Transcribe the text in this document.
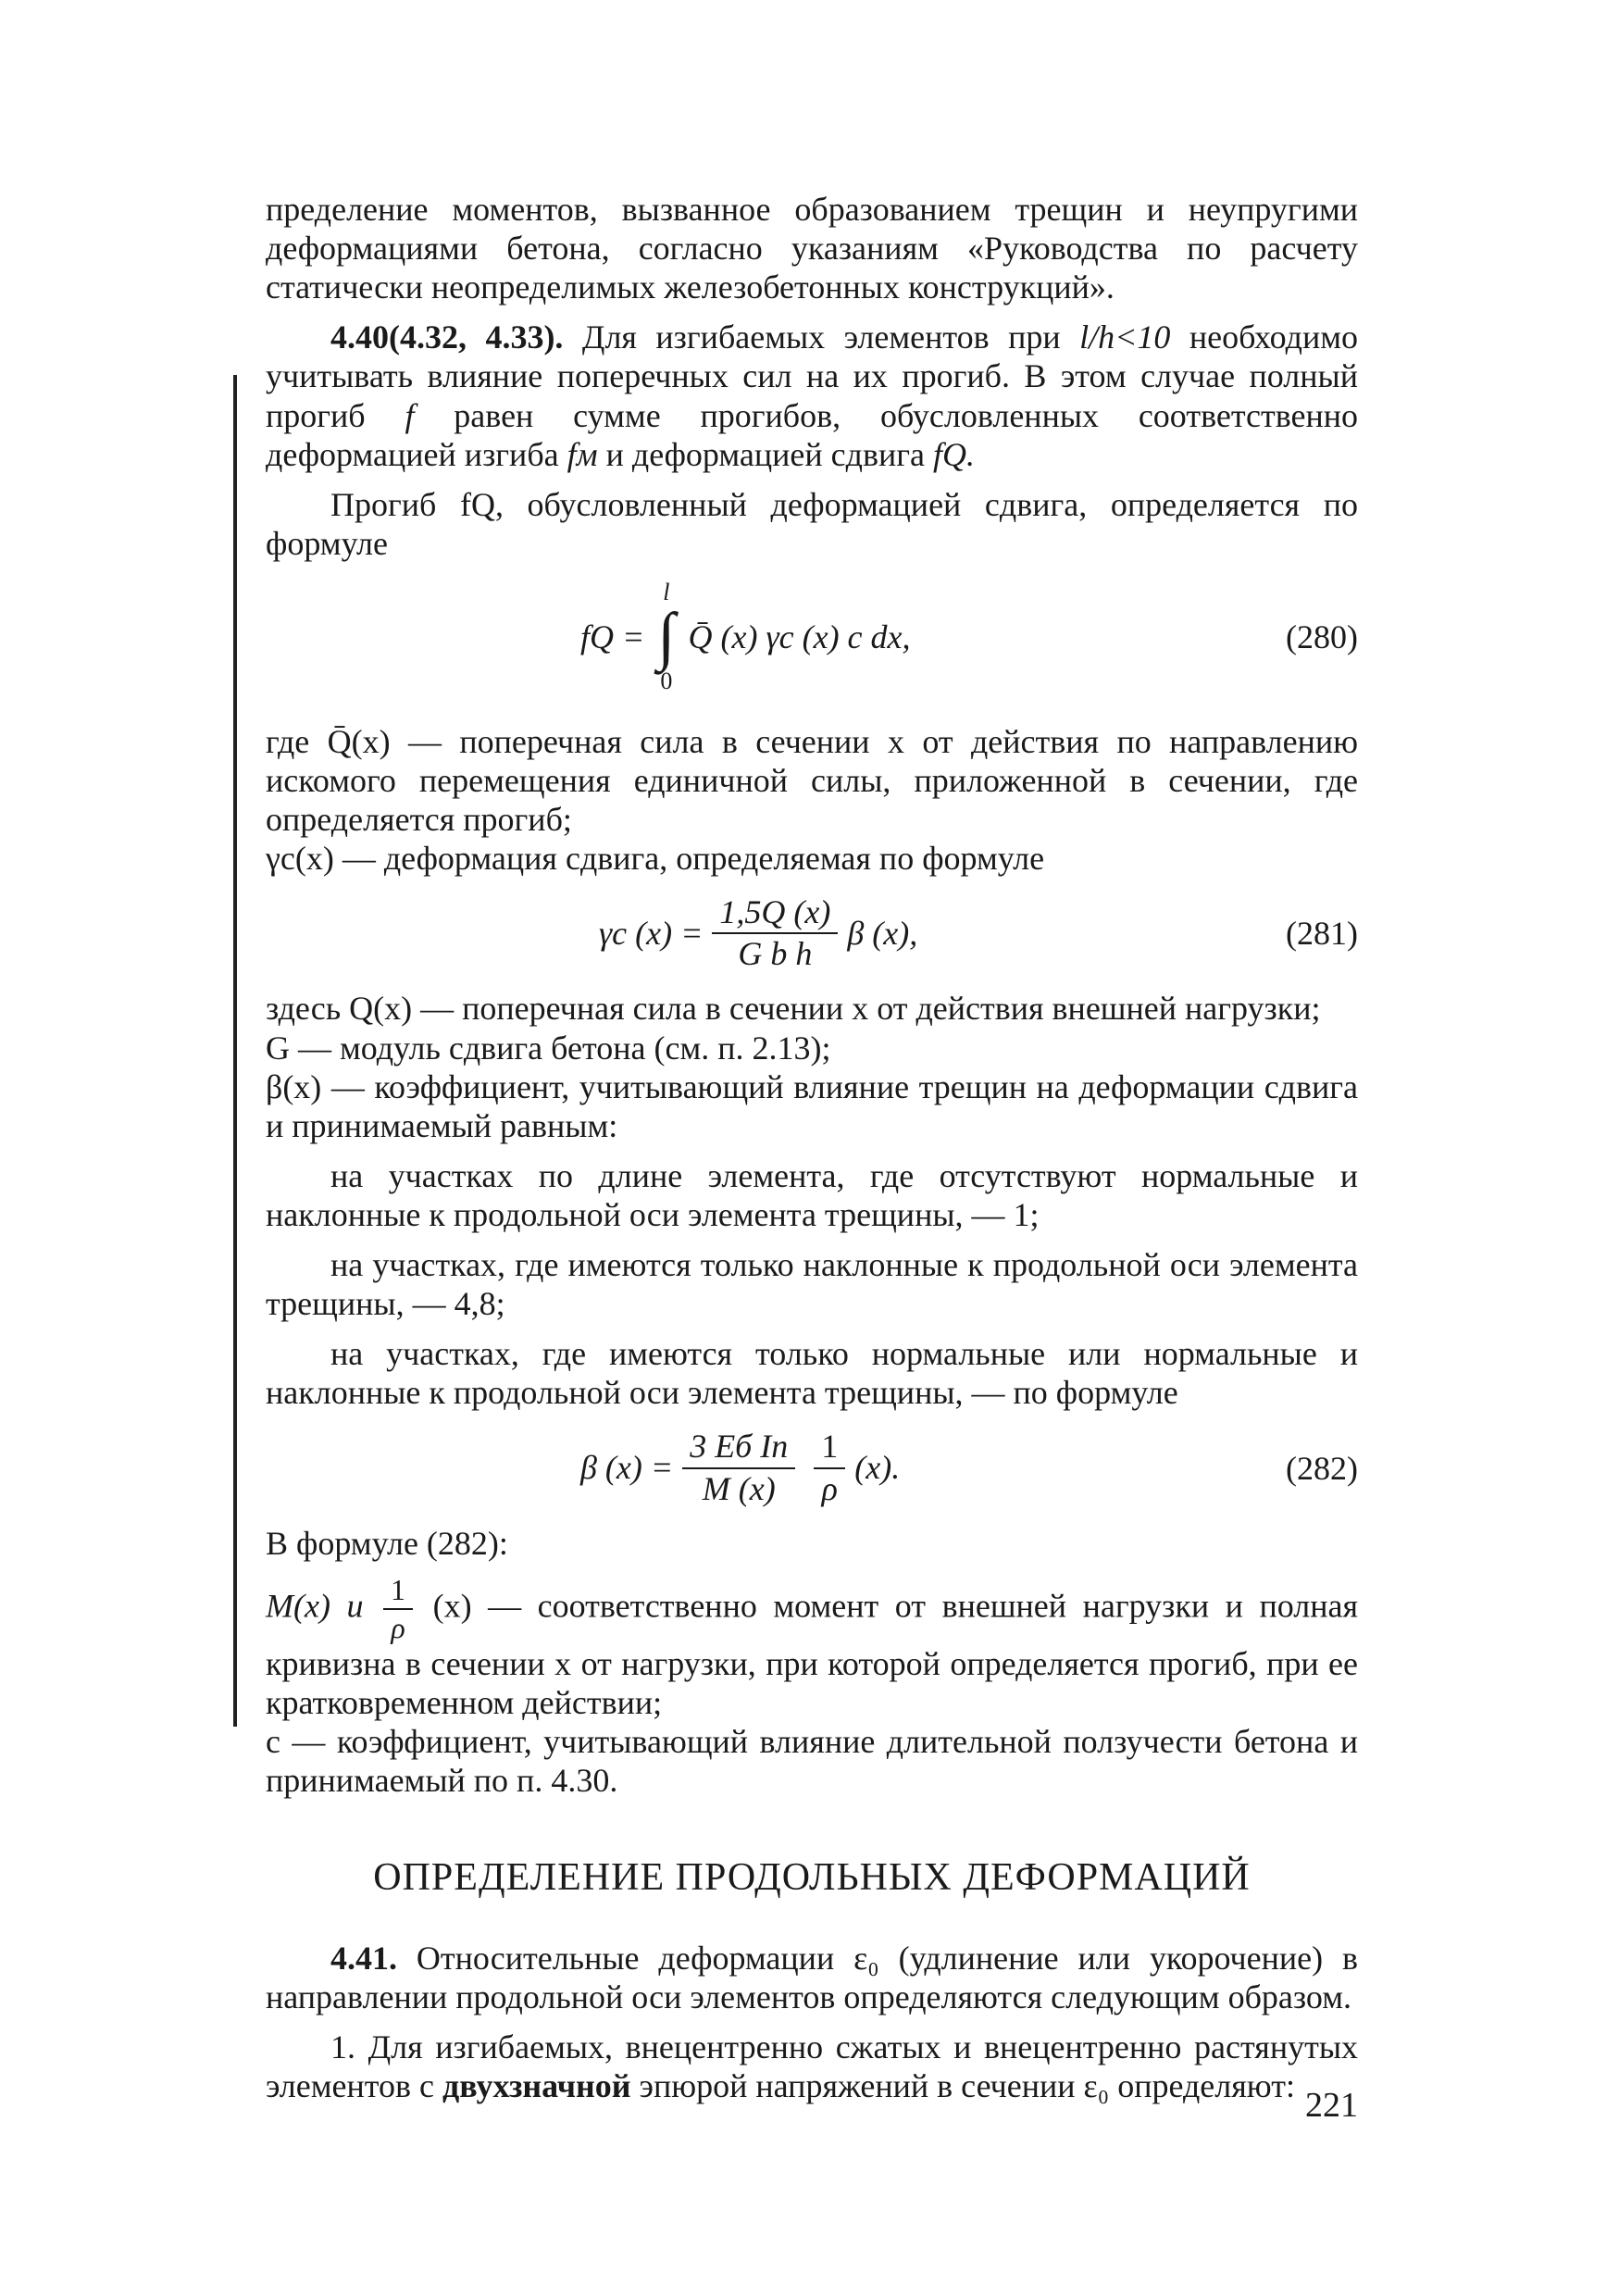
пределение моментов, вызванное образованием трещин и неупругими деформациями бетона, согласно указаниям «Руководства по расчету статически неопределимых железобетонных конструкций».

4.40(4.32, 4.33). Для изгибаемых элементов при l/h<10 необходимо учитывать влияние поперечных сил на их прогиб. В этом случае полный прогиб f равен сумме прогибов, обусловленных соответственно деформацией изгиба fм и деформацией сдвига fQ.

Прогиб fQ, обусловленный деформацией сдвига, определяется по формуле

fQ =
l
∫
0
Q̄ (x) γс (x) c dx,	(280)

где Q̄(x) — поперечная сила в сечении x от действия по направлению искомого перемещения единичной силы, приложенной в сечении, где определяется прогиб;

γс(x) — деформация сдвига, определяемая по формуле

γс $(x) = \frac{1,5Q (x)}{\text{G b h}}$ β (x),	(281)

здесь Q(x) — поперечная сила в сечении x от действия внешней нагрузки;

G — модуль сдвига бетона (см. п. 2.13);

β(x) — коэффициент, учитывающий влияние трещин на деформации сдвига и принимаемый равным:

на участках по длине элемента, где отсутствуют нормальные и наклонные к продольной оси элемента трещины, — 1;

на участках, где имеются только наклонные к продольной оси элемента трещины, — 4,8;

на участках, где имеются только нормальные или нормальные и наклонные к продольной оси элемента трещины, — по формуле

β $(x) = \frac{\text{3 Eб Iп}}{M (x)} \frac{1}{\rho} (x)$.	(282)

В формуле (282):

M(x) и $\frac{1}{\rho} (x)$ — соответственно момент от внешней нагрузки и полная кривизна в сечении x от нагрузки, при которой определяется прогиб, при ее кратковременном действии;

c — коэффициент, учитывающий влияние длительной ползучести бетона и принимаемый по п. 4.30.

ОПРЕДЕЛЕНИЕ ПРОДОЛЬНЫХ ДЕФОРМАЦИЙ

4.41. Относительные деформации ε₀ (удлинение или укорочение) в направлении продольной оси элементов определяются следующим образом.

1. Для изгибаемых, внецентренно сжатых и внецентренно растянутых элементов с двухзначной эпюрой напряжений в сечении ε₀ определяют:

221
